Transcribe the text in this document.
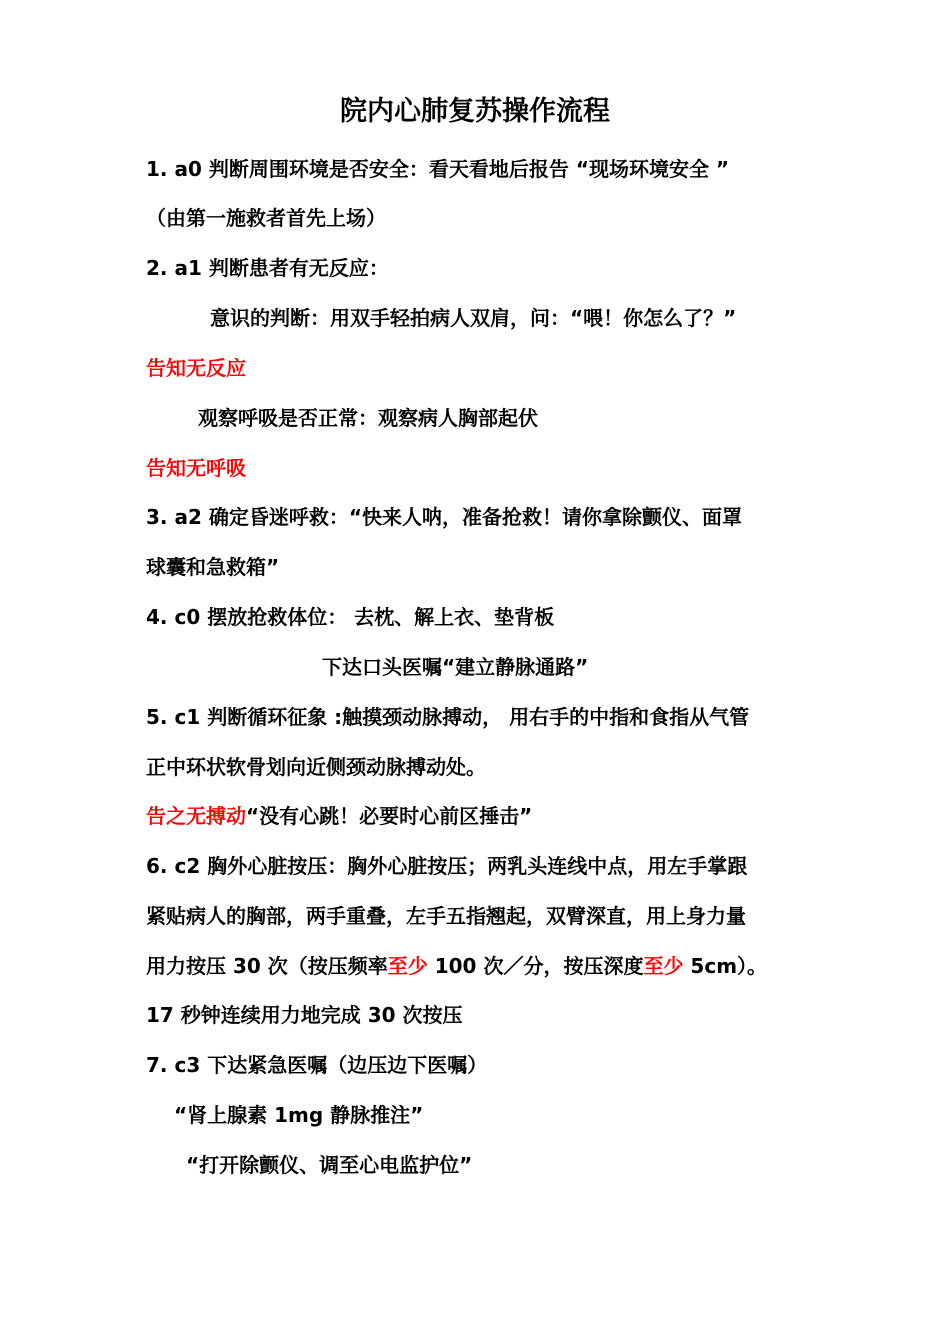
院内心肺复苏操作流程
1. a0 判断周围环境是否安全：看天看地后报告 “现场环境安全 ”
（由第一施救者首先上场）
2. a1 判断患者有无反应：
意识的判断：用双手轻拍病人双肩，问：“喂！你怎么了？”
告知无反应
观察呼吸是否正常：观察病人胸部起伏
告知无呼吸
3. a2 确定昏迷呼救：“快来人呐，准备抢救！请你拿除颤仪、面罩
球囊和急救箱”
4. c0 摆放抢救体位： 去枕、解上衣、垫背板
下达口头医嘱“建立静脉通路”
5. c1 判断循环征象 :触摸颈动脉搏动， 用右手的中指和食指从气管
正中环状软骨划向近侧颈动脉搏动处。
告之无搏动“没有心跳！必要时心前区捶击”
6. c2 胸外心脏按压：胸外心脏按压；两乳头连线中点，用左手掌跟
紧贴病人的胸部，两手重叠，左手五指翘起，双臂深直，用上身力量
用力按压 30 次（按压频率至少 100 次／分，按压深度至少 5cm）。
17 秒钟连续用力地完成 30 次按压
7. c3 下达紧急医嘱（边压边下医嘱）
“肾上腺素 1mg 静脉推注”
“打开除颤仪、调至心电监护位”
